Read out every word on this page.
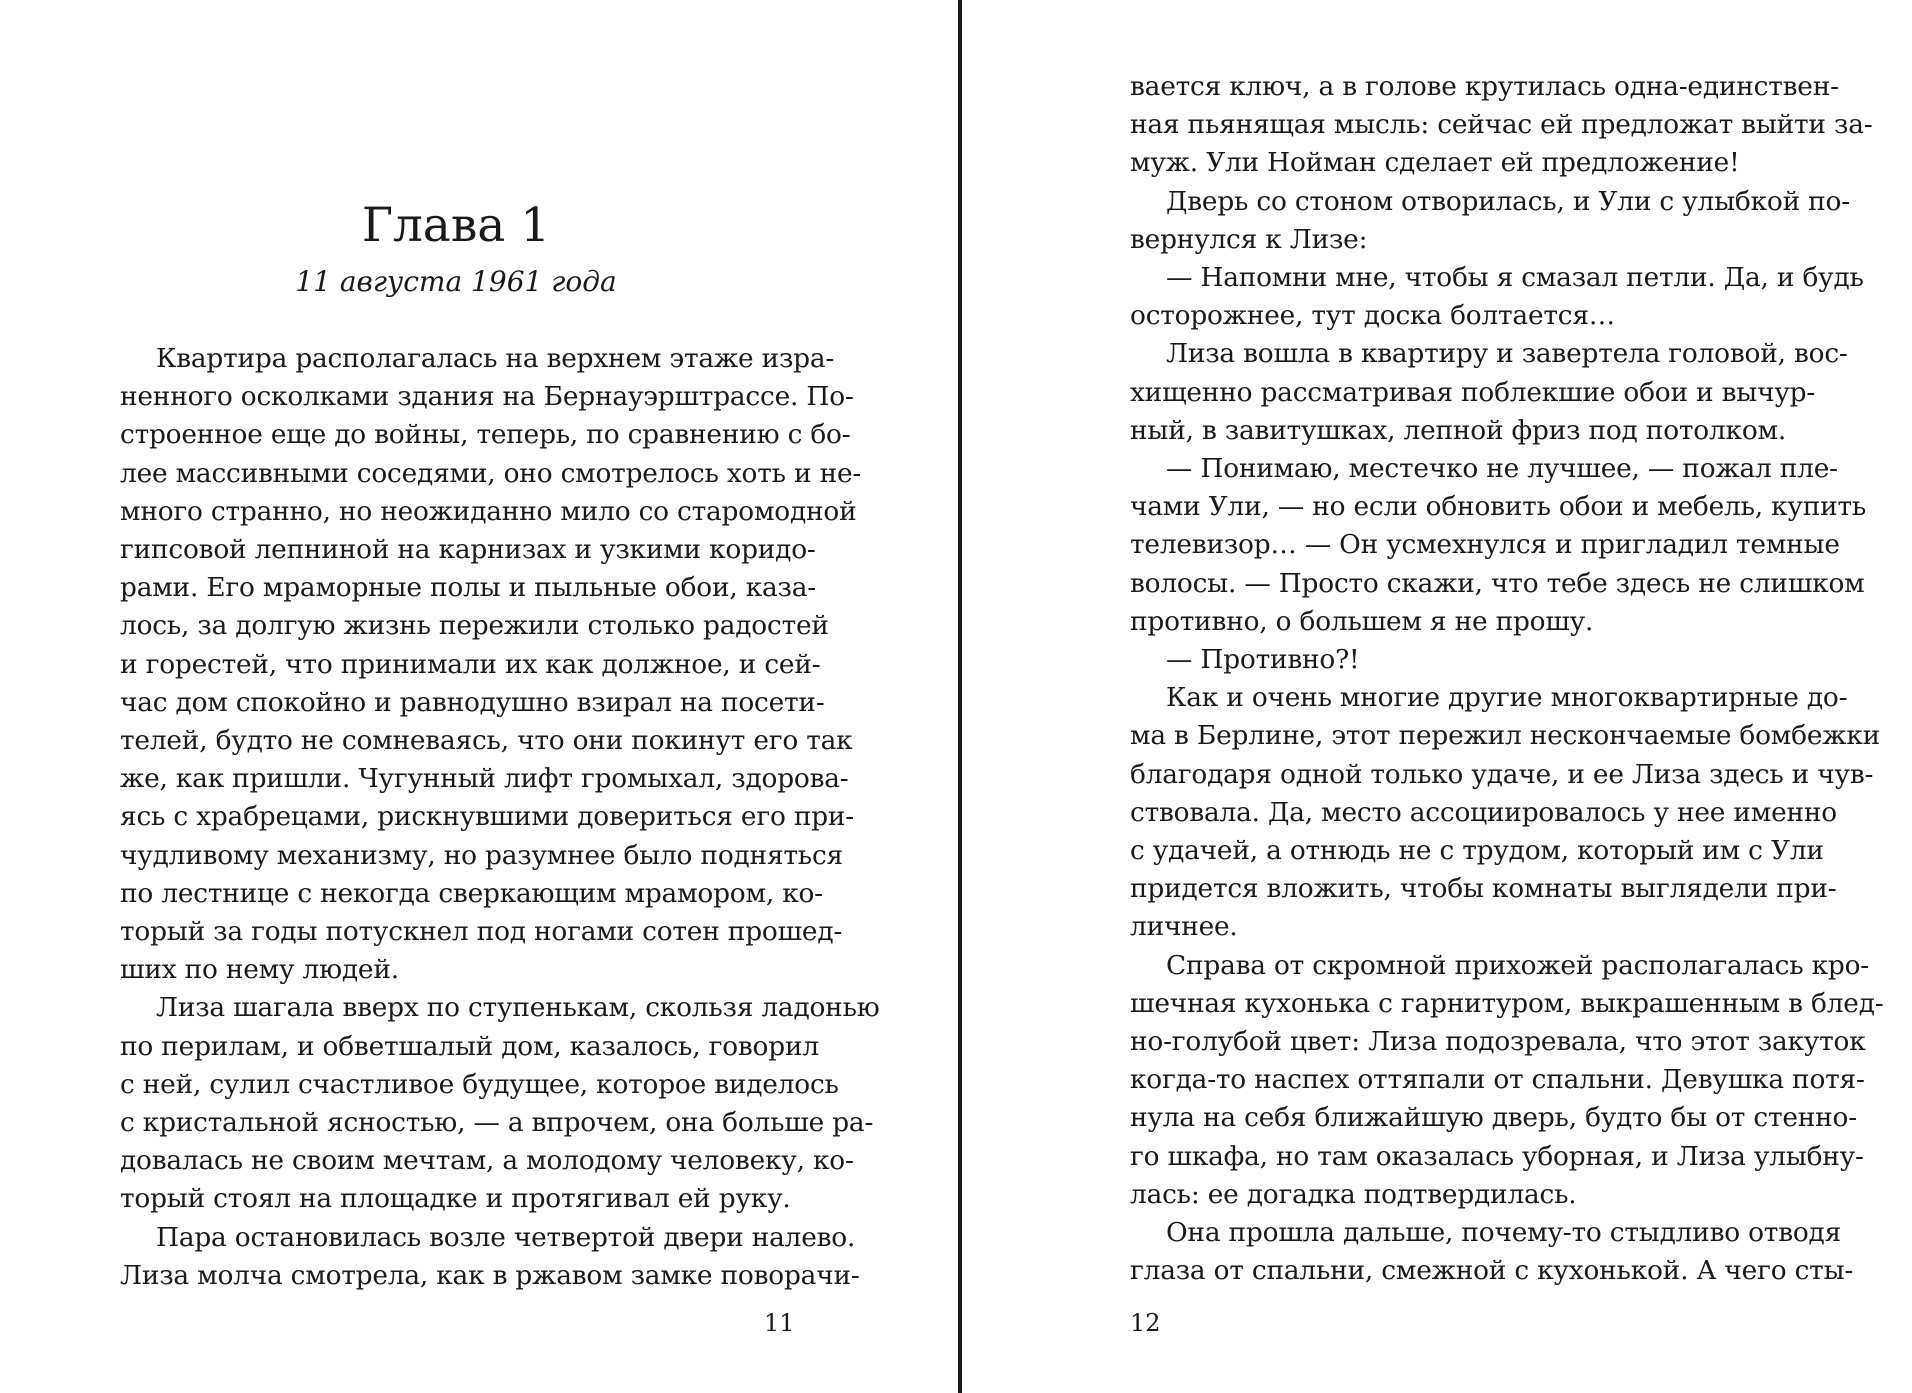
Глава 1
11 августа 1961 года

Квартира располагалась на верхнем этаже изра-
ненного осколками здания на Бернауэрштрассе. По-
строенное еще до войны, теперь, по сравнению с бо-
лее массивными соседями, оно смотрелось хоть и не-
много странно, но неожиданно мило со старомодной
гипсовой лепниной на карнизах и узкими коридо-
рами. Его мраморные полы и пыльные обои, каза-
лось, за долгую жизнь пережили столько радостей
и горестей, что принимали их как должное, и сей-
час дом спокойно и равнодушно взирал на посети-
телей, будто не сомневаясь, что они покинут его так
же, как пришли. Чугунный лифт громыхал, здорова-
ясь с храбрецами, рискнувшими довериться его при-
чудливому механизму, но разумнее было подняться
по лестнице с некогда сверкающим мрамором, ко-
торый за годы потускнел под ногами сотен прошед-
ших по нему людей.

Лиза шагала вверх по ступенькам, скользя ладонью
по перилам, и обветшалый дом, казалось, говорил
с ней, сулил счастливое будущее, которое виделось
с кристальной ясностью, — а впрочем, она больше ра-
довалась не своим мечтам, а молодому человеку, ко-
торый стоял на площадке и протягивал ей руку.

Пара остановилась возле четвертой двери налево.
Лиза молча смотрела, как в ржавом замке поворачи-

11

вается ключ, а в голове крутилась одна-единствен-
ная пьянящая мысль: сейчас ей предложат выйти за-
муж. Ули Нойман сделает ей предложение!

Дверь со стоном отворилась, и Ули с улыбкой по-
вернулся к Лизе:

— Напомни мне, чтобы я смазал петли. Да, и будь
осторожнее, тут доска болтается…

Лиза вошла в квартиру и завертела головой, вос-
хищенно рассматривая поблекшие обои и вычур-
ный, в завитушках, лепной фриз под потолком.

— Понимаю, местечко не лучшее, — пожал пле-
чами Ули, — но если обновить обои и мебель, купить
телевизор… — Он усмехнулся и пригладил темные
волосы. — Просто скажи, что тебе здесь не слишком
противно, о большем я не прошу.

— Противно?!

Как и очень многие другие многоквартирные до-
ма в Берлине, этот пережил нескончаемые бомбежки
благодаря одной только удаче, и ее Лиза здесь и чув-
ствовала. Да, место ассоциировалось у нее именно
с удачей, а отнюдь не с трудом, который им с Ули
придется вложить, чтобы комнаты выглядели при-
личнее.

Справа от скромной прихожей располагалась кро-
шечная кухонька с гарнитуром, выкрашенным в блед-
но-голубой цвет: Лиза подозревала, что этот закуток
когда-то наспех оттяпали от спальни. Девушка потя-
нула на себя ближайшую дверь, будто бы от стенно-
го шкафа, но там оказалась уборная, и Лиза улыбну-
лась: ее догадка подтвердилась.

Она прошла дальше, почему-то стыдливо отводя
глаза от спальни, смежной с кухонькой. А чего сты-

12
